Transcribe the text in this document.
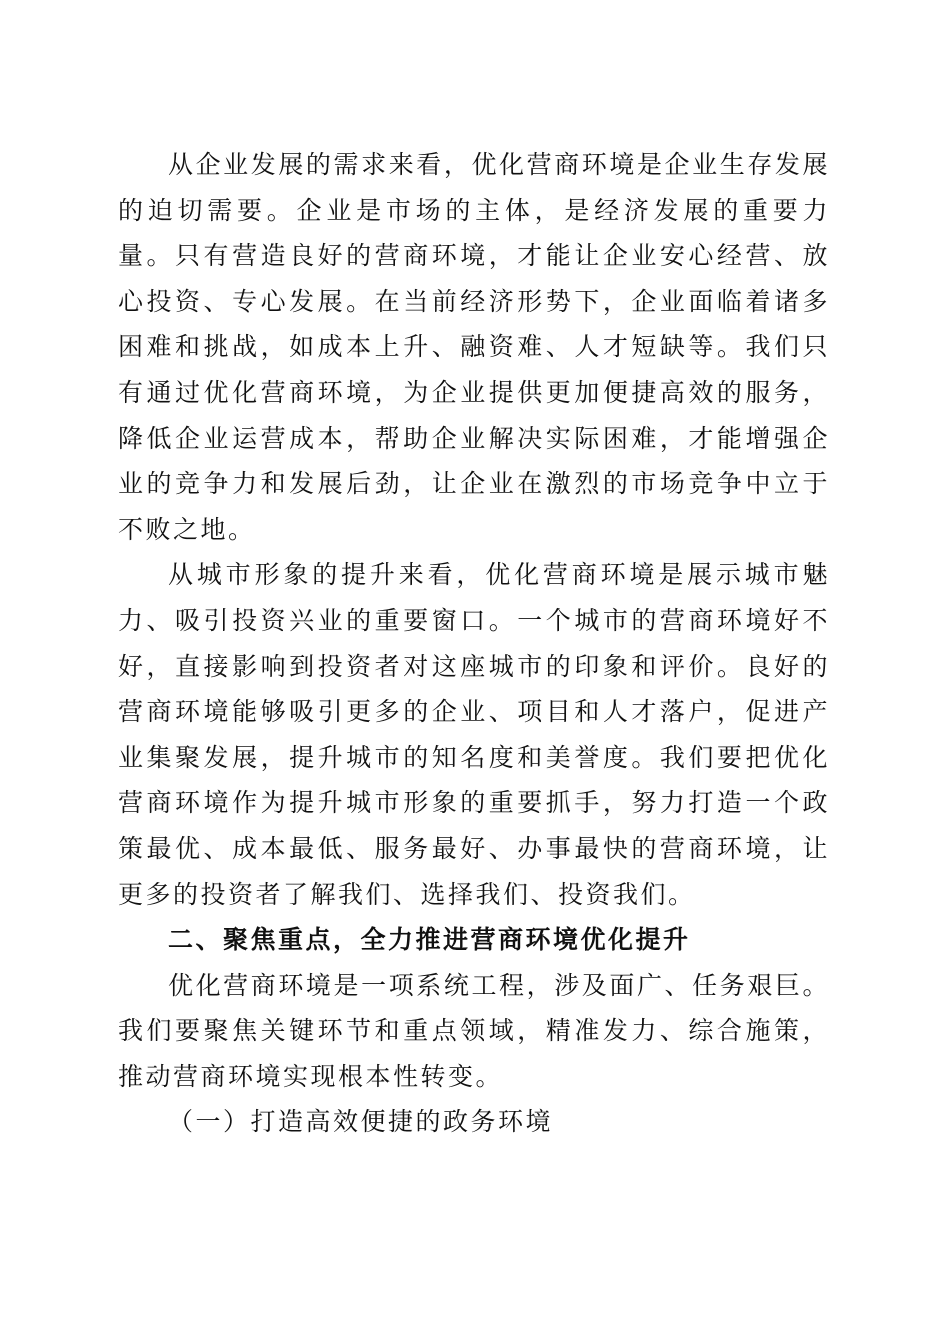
从企业发展的需求来看，优化营商环境是企业生存发展的迫切需要。企业是市场的主体，是经济发展的重要力量。只有营造良好的营商环境，才能让企业安心经营、放心投资、专心发展。在当前经济形势下，企业面临着诸多困难和挑战，如成本上升、融资难、人才短缺等。我们只有通过优化营商环境，为企业提供更加便捷高效的服务，降低企业运营成本，帮助企业解决实际困难，才能增强企业的竞争力和发展后劲，让企业在激烈的市场竞争中立于不败之地。

从城市形象的提升来看，优化营商环境是展示城市魅力、吸引投资兴业的重要窗口。一个城市的营商环境好不好，直接影响到投资者对这座城市的印象和评价。良好的营商环境能够吸引更多的企业、项目和人才落户，促进产业集聚发展，提升城市的知名度和美誉度。我们要把优化营商环境作为提升城市形象的重要抓手，努力打造一个政策最优、成本最低、服务最好、办事最快的营商环境，让更多的投资者了解我们、选择我们、投资我们。

二、聚焦重点，全力推进营商环境优化提升

优化营商环境是一项系统工程，涉及面广、任务艰巨。我们要聚焦关键环节和重点领域，精准发力、综合施策，推动营商环境实现根本性转变。

（一）打造高效便捷的政务环境
